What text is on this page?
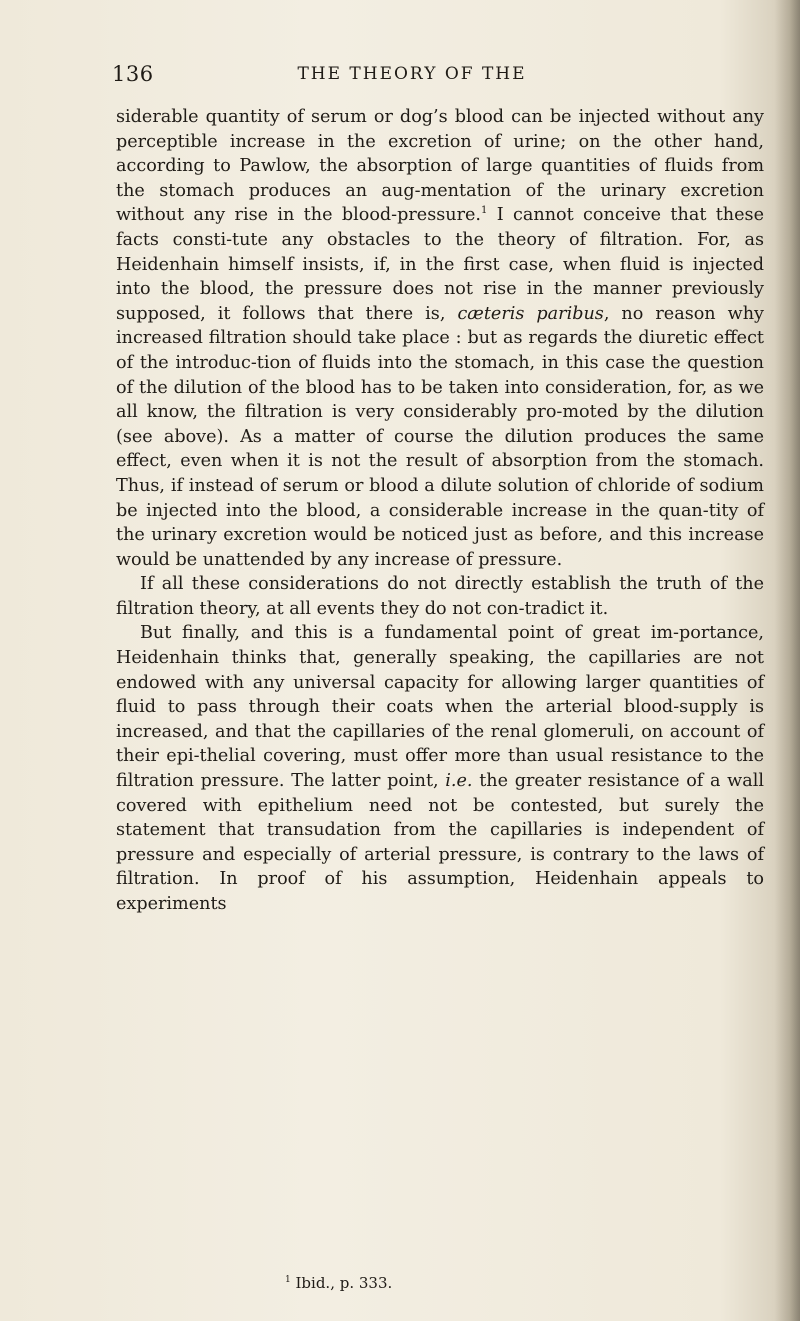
136	THE THEORY OF THE

siderable quantity of serum or dog’s blood can be injected without any perceptible increase in the excretion of urine; on the other hand, according to Pawlow, the absorption of large quantities of fluids from the stomach produces an aug-mentation of the urinary excretion without any rise in the blood-pressure.$^1$ I cannot conceive that these facts consti-tute any obstacles to the theory of filtration. For, as Heidenhain himself insists, if, in the first case, when fluid is injected into the blood, the pressure does not rise in the manner previously supposed, it follows that there is, cæteris paribus, no reason why increased filtration should take place : but as regards the diuretic effect of the introduc-tion of fluids into the stomach, in this case the question of the dilution of the blood has to be taken into consideration, for, as we all know, the filtration is very considerably pro-moted by the dilution (see above). As a matter of course the dilution produces the same effect, even when it is not the result of absorption from the stomach. Thus, if instead of serum or blood a dilute solution of chloride of sodium be injected into the blood, a considerable increase in the quan-tity of the urinary excretion would be noticed just as before, and this increase would be unattended by any increase of pressure.

If all these considerations do not directly establish the truth of the filtration theory, at all events they do not con-tradict it.

But finally, and this is a fundamental point of great im-portance, Heidenhain thinks that, generally speaking, the capillaries are not endowed with any universal capacity for allowing larger quantities of fluid to pass through their coats when the arterial blood-supply is increased, and that the capillaries of the renal glomeruli, on account of their epi-thelial covering, must offer more than usual resistance to the filtration pressure. The latter point, i.e. the greater resistance of a wall covered with epithelium need not be contested, but surely the statement that transudation from the capillaries is independent of pressure and especially of arterial pressure, is contrary to the laws of filtration. In proof of his assumption, Heidenhain appeals to experiments

$^1$ Ibid., p. 333.
